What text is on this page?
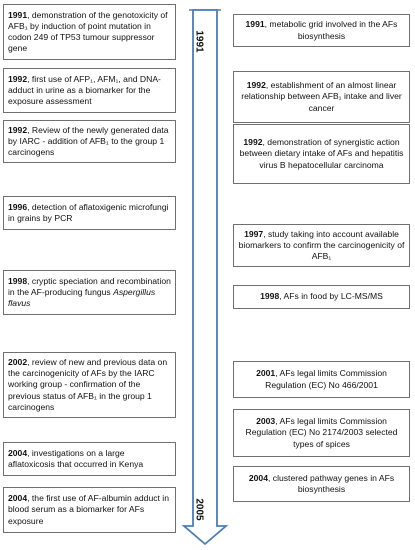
1991
2005
1991, demonstration of the genotoxicity of AFB₁ by induction of point mutation in codon 249 of TP53 tumour suppressor gene
1992, first use of AFP₁, AFM₁, and DNA-adduct in urine as a biomarker for the exposure assessment
1992, Review of the newly generated data by IARC - addition of AFB₁ to the group 1 carcinogens
1996, detection of aflatoxigenic microfungi in grains by PCR
1998, cryptic speciation and recombination in the AF-producing fungus Aspergillus flavus
2002, review of new and previous data on the carcinogenicity of AFs by the IARC working group - confirmation of the previous status of AFB₁ in the group 1 carcinogens
2004, investigations on a large aflatoxicosis that occurred in Kenya
2004, the first use of AF-albumin adduct in blood serum as a biomarker for AFs exposure
1991, metabolic grid involved in the AFs biosynthesis
1992, establishment of an almost linear relationship between AFB₁ intake and liver cancer
1992, demonstration of synergistic action between dietary intake of AFs and hepatitis virus B hepatocellular carcinoma
1997, study taking into account available biomarkers to confirm the carcinogenicity of AFB₁
1998, AFs in food by LC-MS/MS
2001, AFs legal limits Commission Regulation (EC) No 466/2001
2003, AFs legal limits Commission Regulation (EC) No 2174/2003 selected types of spices
2004, clustered pathway genes in AFs biosynthesis
